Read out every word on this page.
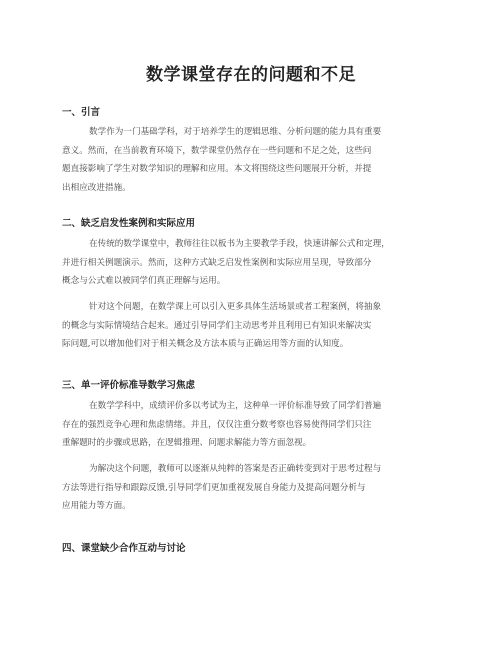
数学课堂存在的问题和不足
一、引言
数学作为一门基础学科，对于培养学生的逻辑思维、分析问题的能力具有重要
意义。然而，在当前教育环境下，数学课堂仍然存在一些问题和不足之处，这些问
题直接影响了学生对数学知识的理解和应用。本文将围绕这些问题展开分析，并提
出相应改进措施。
二、缺乏启发性案例和实际应用
在传统的数学课堂中，教师往往以板书为主要教学手段，快速讲解公式和定理，
并进行相关例题演示。然而，这种方式缺乏启发性案例和实际应用呈现，导致部分
概念与公式难以被同学们真正理解与运用。
针对这个问题，在数学课上可以引入更多具体生活场景或者工程案例，将抽象
的概念与实际情境结合起来。通过引导同学们主动思考并且利用已有知识来解决实
际问题,可以增加他们对于相关概念及方法本质与正确运用等方面的认知度。
三、单一评价标准导数学习焦虑
在数学学科中，成绩评价多以考试为主，这种单一评价标准导致了同学们普遍
存在的强烈竞争心理和焦虑情绪。并且，仅仅注重分数考察也容易使得同学们只注
重解题时的步骤或思路，在逻辑推理、问题求解能力等方面忽视。
为解决这个问题，教师可以逐渐从纯粹的答案是否正确转变到对于思考过程与
方法等进行指导和跟踪反馈,引导同学们更加重视发展自身能力及提高问题分析与
应用能力等方面。
四、课堂缺少合作互动与讨论
